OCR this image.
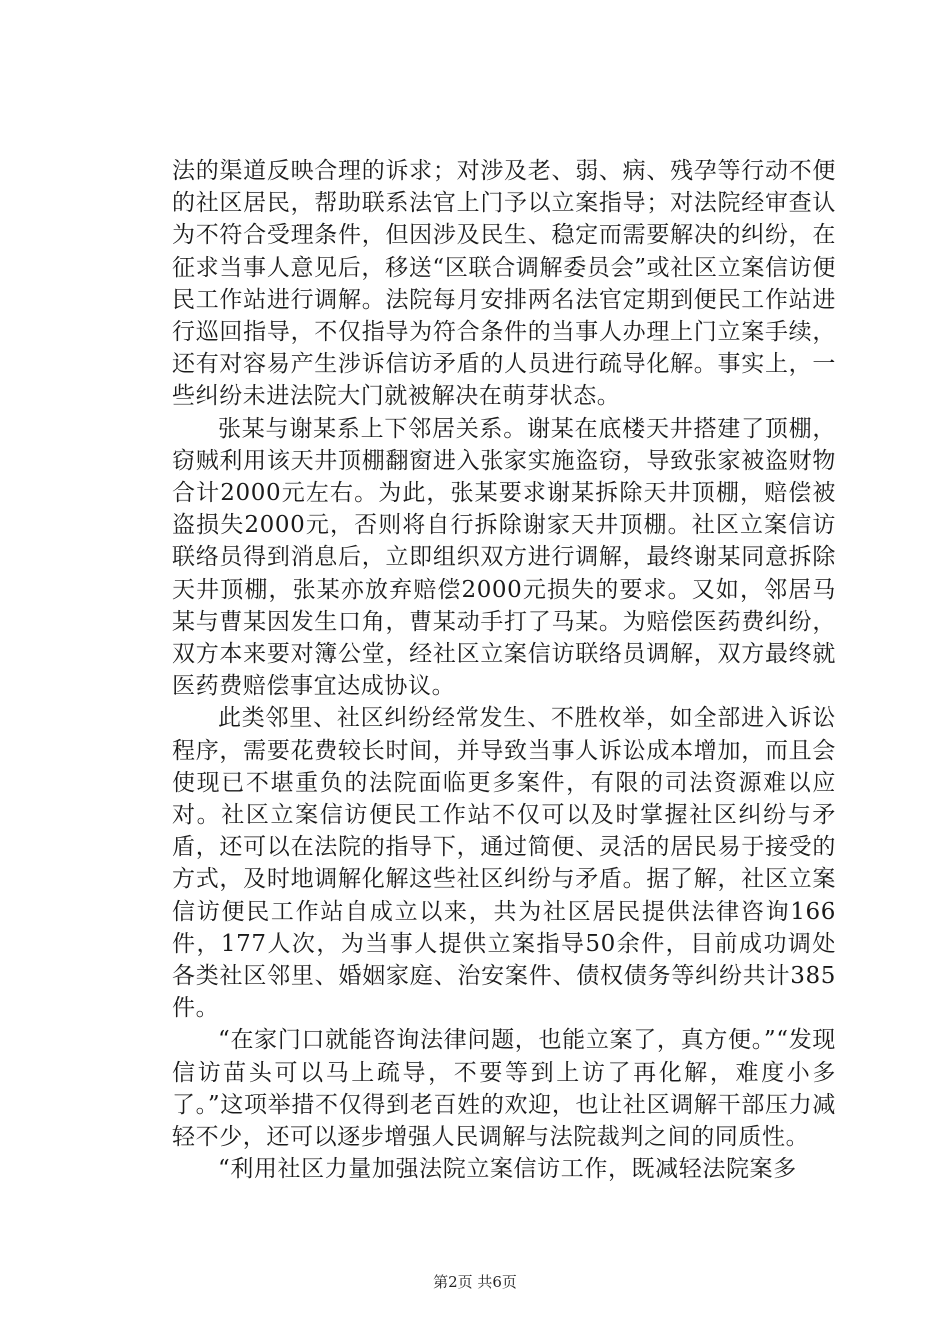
法的渠道反映合理的诉求；对涉及老、弱、病、残孕等行动不便的社区居民，帮助联系法官上门予以立案指导；对法院经审查认为不符合受理条件，但因涉及民生、稳定而需要解决的纠纷，在征求当事人意见后，移送“区联合调解委员会”或社区立案信访便民工作站进行调解。法院每月安排两名法官定期到便民工作站进行巡回指导，不仅指导为符合条件的当事人办理上门立案手续，还有对容易产生涉诉信访矛盾的人员进行疏导化解。事实上，一些纠纷未进法院大门就被解决在萌芽状态。

张某与谢某系上下邻居关系。谢某在底楼天井搭建了顶棚，窃贼利用该天井顶棚翻窗进入张家实施盗窃，导致张家被盗财物合计2000元左右。为此，张某要求谢某拆除天井顶棚，赔偿被盗损失2000元，否则将自行拆除谢家天井顶棚。社区立案信访联络员得到消息后，立即组织双方进行调解，最终谢某同意拆除天井顶棚，张某亦放弃赔偿2000元损失的要求。又如，邻居马某与曹某因发生口角，曹某动手打了马某。为赔偿医药费纠纷，双方本来要对簿公堂，经社区立案信访联络员调解，双方最终就医药费赔偿事宜达成协议。

此类邻里、社区纠纷经常发生、不胜枚举，如全部进入诉讼程序，需要花费较长时间，并导致当事人诉讼成本增加，而且会使现已不堪重负的法院面临更多案件，有限的司法资源难以应对。社区立案信访便民工作站不仅可以及时掌握社区纠纷与矛盾，还可以在法院的指导下，通过简便、灵活的居民易于接受的方式，及时地调解化解这些社区纠纷与矛盾。据了解，社区立案信访便民工作站自成立以来，共为社区居民提供法律咨询166件，177人次，为当事人提供立案指导50余件，目前成功调处各类社区邻里、婚姻家庭、治安案件、债权债务等纠纷共计385件。

“在家门口就能咨询法律问题，也能立案了，真方便。”“发现信访苗头可以马上疏导，不要等到上访了再化解，难度小多了。”这项举措不仅得到老百姓的欢迎，也让社区调解干部压力减轻不少，还可以逐步增强人民调解与法院裁判之间的同质性。

“利用社区力量加强法院立案信访工作，既减轻法院案多

第2页 共6页
